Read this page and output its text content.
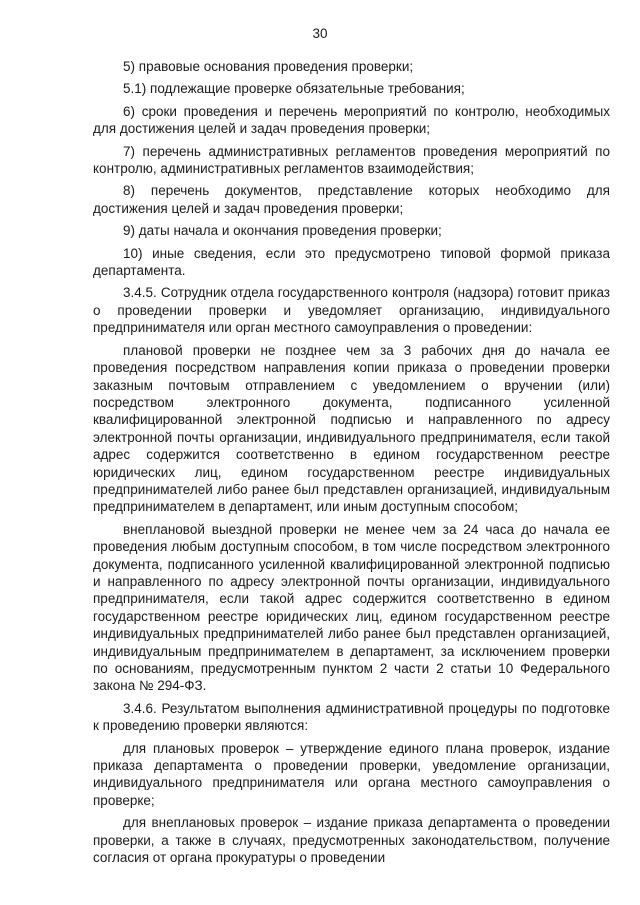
30

5) правовые основания проведения проверки;

5.1) подлежащие проверке обязательные требования;

6) сроки проведения и перечень мероприятий по контролю, необходимых для достижения целей и задач проведения проверки;

7) перечень административных регламентов проведения мероприятий по контролю, административных регламентов взаимодействия;

8) перечень документов, представление которых необходимо для достижения целей и задач проведения проверки;

9) даты начала и окончания проведения проверки;

10) иные сведения, если это предусмотрено типовой формой приказа департамента.

3.4.5. Сотрудник отдела государственного контроля (надзора) готовит приказ о проведении проверки и уведомляет организацию, индивидуального предпринимателя или орган местного самоуправления о проведении:

плановой проверки не позднее чем за 3 рабочих дня до начала ее проведения посредством направления копии приказа о проведении проверки заказным почтовым отправлением с уведомлением о вручении (или) посредством электронного документа, подписанного усиленной квалифицированной электронной подписью и направленного по адресу электронной почты организации, индивидуального предпринимателя, если такой адрес содержится соответственно в едином государственном реестре юридических лиц, едином государственном реестре индивидуальных предпринимателей либо ранее был представлен организацией, индивидуальным предпринимателем в департамент, или иным доступным способом;

внеплановой выездной проверки не менее чем за 24 часа до начала ее проведения любым доступным способом, в том числе посредством электронного документа, подписанного усиленной квалифицированной электронной подписью и направленного по адресу электронной почты организации, индивидуального предпринимателя, если такой адрес содержится соответственно в едином государственном реестре юридических лиц, едином государственном реестре индивидуальных предпринимателей либо ранее был представлен организацией, индивидуальным предпринимателем в департамент, за исключением проверки по основаниям, предусмотренным пунктом 2 части 2 статьи 10 Федерального закона № 294-ФЗ.

3.4.6. Результатом выполнения административной процедуры по подготовке к проведению проверки являются:

для плановых проверок – утверждение единого плана проверок, издание приказа департамента о проведении проверки, уведомление организации, индивидуального предпринимателя или органа местного самоуправления о проверке;

для внеплановых проверок – издание приказа департамента о проведении проверки, а также в случаях, предусмотренных законодательством, получение согласия от органа прокуратуры о проведении
